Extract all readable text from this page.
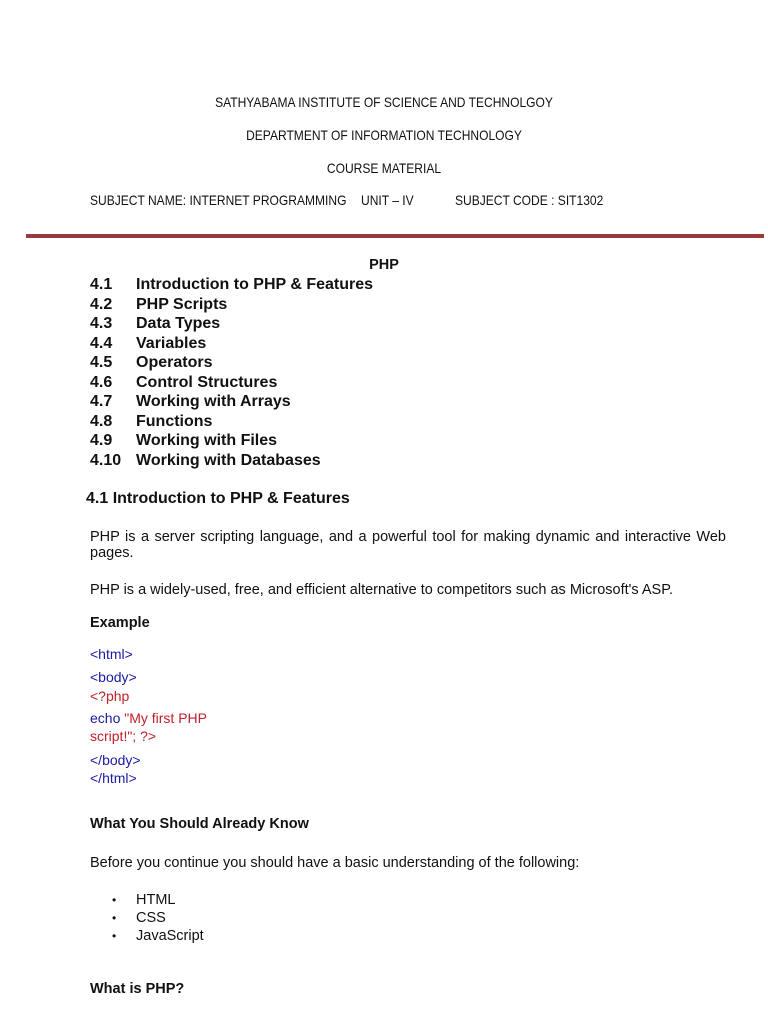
SATHYABAMA INSTITUTE OF SCIENCE AND TECHNOLGOY
DEPARTMENT OF INFORMATION TECHNOLOGY
COURSE MATERIAL
SUBJECT NAME: INTERNET PROGRAMMING UNIT – IV	SUBJECT CODE : SIT1302
PHP
4.1 Introduction to PHP & Features
4.2 PHP Scripts
4.3 Data Types
4.4 Variables
4.5 Operators
4.6 Control Structures
4.7 Working with Arrays
4.8 Functions
4.9 Working with Files
4.10 Working with Databases
4.1 Introduction to PHP & Features
PHP is a server scripting language, and a powerful tool for making dynamic and interactive Web pages.
PHP is a widely-used, free, and efficient alternative to competitors such as Microsoft's ASP.
Example
<html>
<body>
<?php
echo "My first PHP
script!"; ?>
</body>
</html>
What You Should Already Know
Before you continue you should have a basic understanding of the following:
• HTML
• CSS
• JavaScript
What is PHP?
